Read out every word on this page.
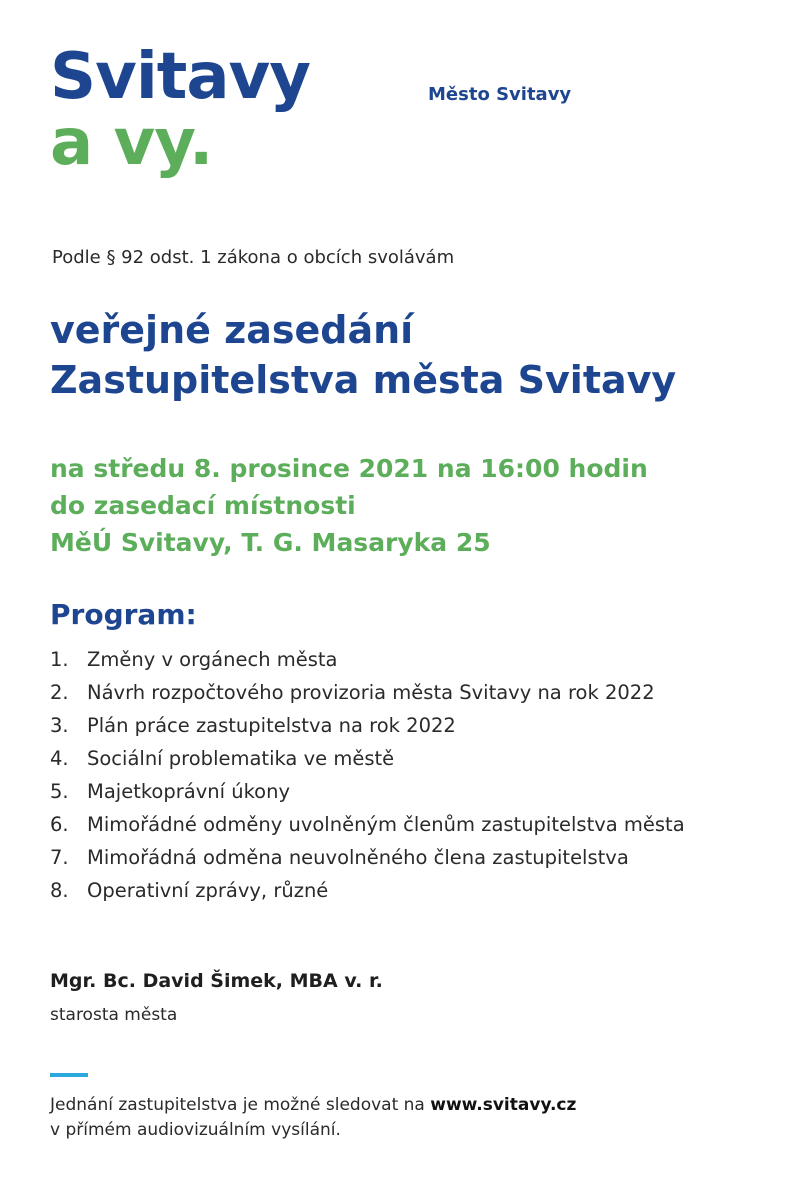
Svitavy
a vy.
Město Svitavy
Podle § 92 odst. 1 zákona o obcích svolávám
veřejné zasedání
Zastupitelstva města Svitavy
na středu 8. prosince 2021 na 16:00 hodin
do zasedací místnosti
MěÚ Svitavy, T. G. Masaryka 25
Program:
1. Změny v orgánech města
2. Návrh rozpočtového provizoria města Svitavy na rok 2022
3. Plán práce zastupitelstva na rok 2022
4. Sociální problematika ve městě
5. Majetkoprávní úkony
6. Mimořádné odměny uvolněným členům zastupitelstva města
7. Mimořádná odměna neuvolněného člena zastupitelstva
8. Operativní zprávy, různé
Mgr. Bc. David Šimek, MBA v. r.
starosta města
Jednání zastupitelstva je možné sledovat na www.svitavy.cz
v přímém audiovizuálním vysílání.
